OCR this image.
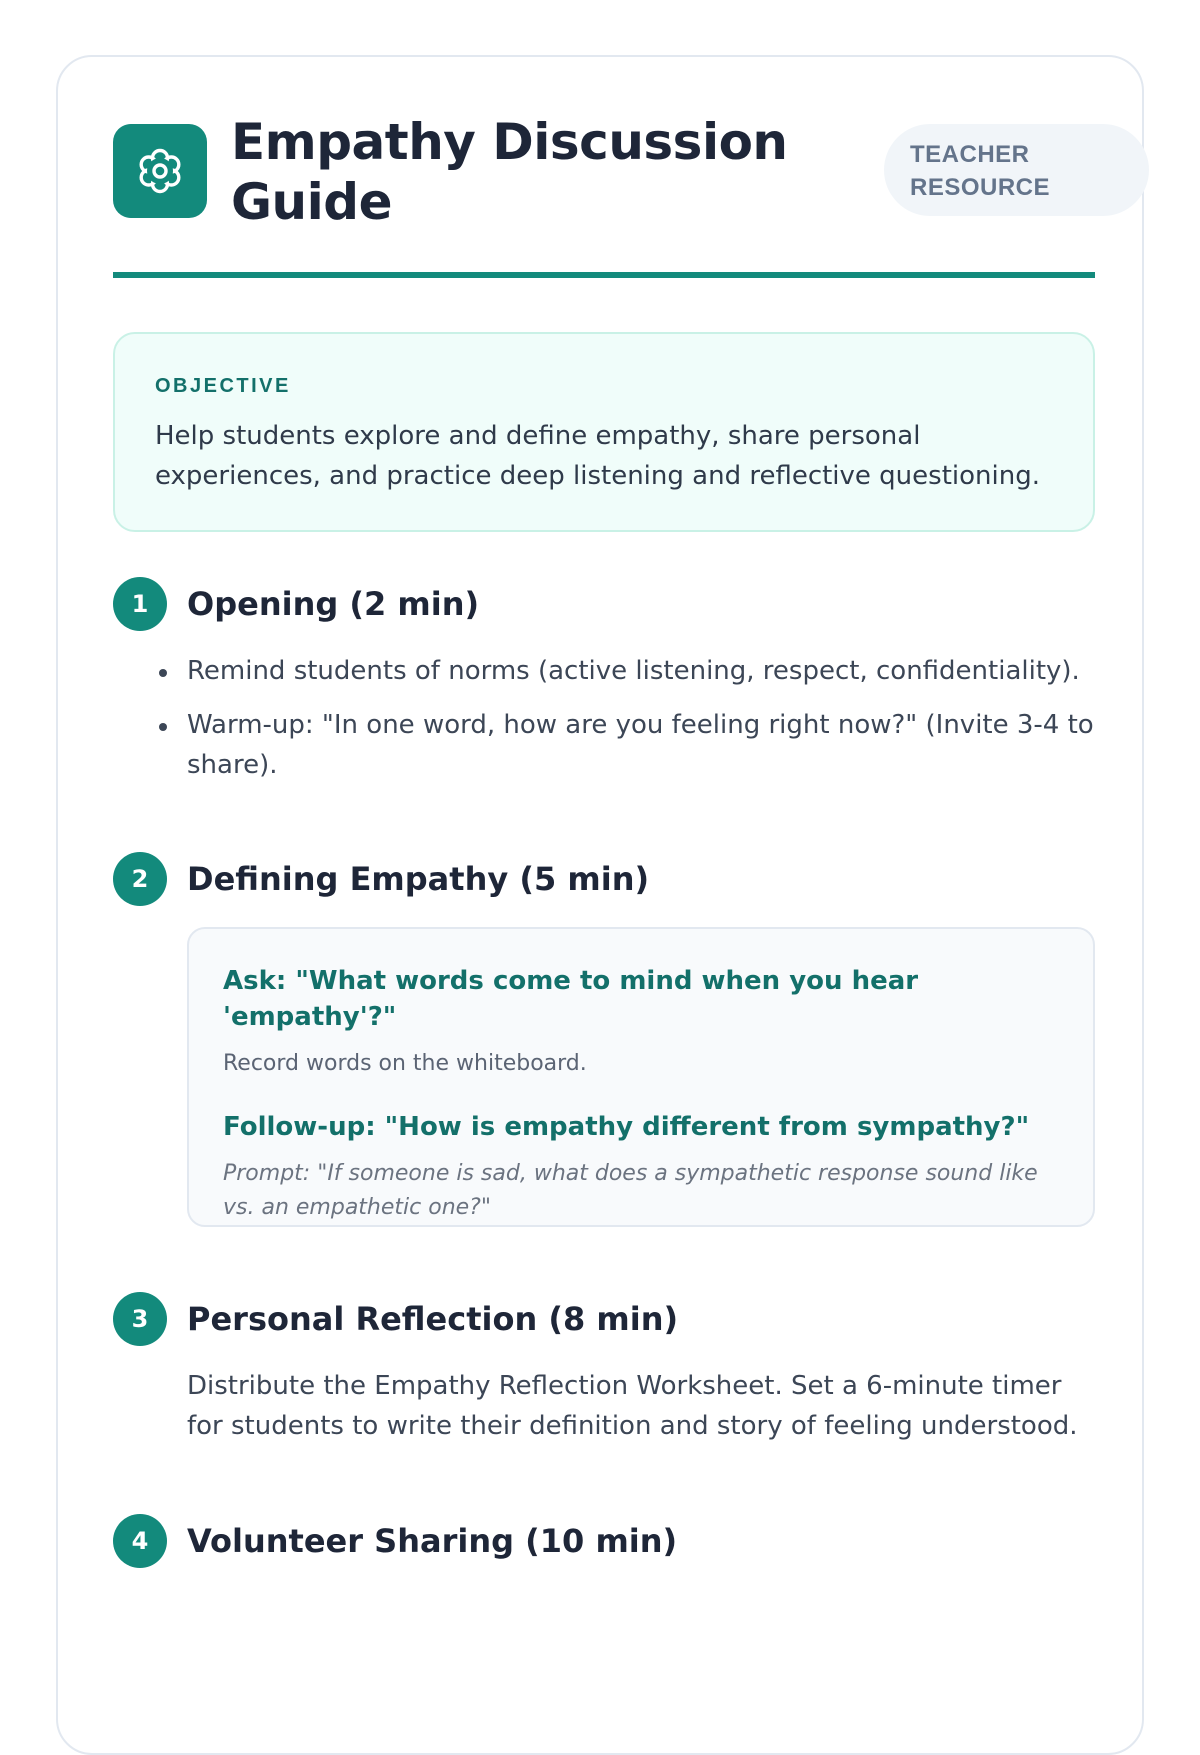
Empathy Discussion Guide
TEACHER RESOURCE
OBJECTIVE
Help students explore and define empathy, share personal experiences, and practice deep listening and reflective questioning.
1	Opening (2 min)
Remind students of norms (active listening, respect, confidentiality).
Warm-up: "In one word, how are you feeling right now?" (Invite 3-4 to share).
2	Defining Empathy (5 min)
Ask: "What words come to mind when you hear 'empathy'?"
Record words on the whiteboard.
Follow-up: "How is empathy different from sympathy?"
Prompt: "If someone is sad, what does a sympathetic response sound like vs. an empathetic one?"
3	Personal Reflection (8 min)
Distribute the Empathy Reflection Worksheet. Set a 6-minute timer for students to write their definition and story of feeling understood.
4	Volunteer Sharing (10 min)
